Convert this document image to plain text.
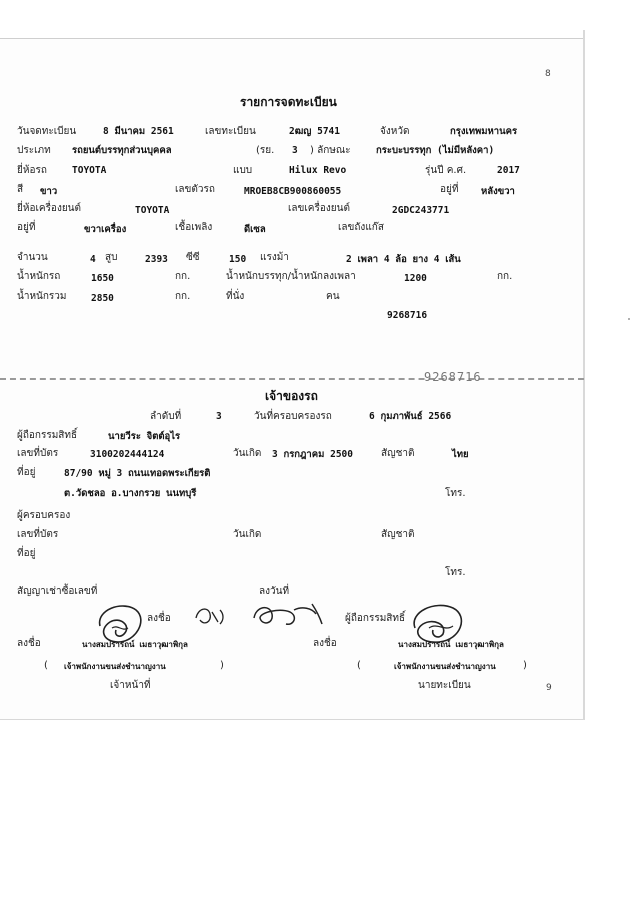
8
รายการจดทะเบียน
วันจดทะเบียน	8 มีนาคม 2561	เลขทะเบียน	2ฒญ 5741	จังหวัด	กรุงเทพมหานคร
ประเภท รถยนต์บรรทุกส่วนบุคคล	(รย. 3 ) ลักษณะ	กระบะบรรทุก (ไม่มีหลังคา)
ยี่ห้อรถ	TOYOTA	แบบ	Hilux Revo	รุ่นปี ค.ศ.	2017
สี ขาว	เลขตัวรถ	MROEB8CB900860055	อยู่ที่ หลังขวา
ยี่ห้อเครื่องยนต์	TOYOTA	เลขเครื่องยนต์	2GDC243771
อยู่ที่	ขวาเครื่อง	เชื้อเพลิง	ดีเซล	เลขถังแก๊ส
จำนวน	4 สูบ	2393 ซีซี	150 แรงม้า	2 เพลา 4 ล้อ ยาง 4 เส้น
น้ำหนักรถ	1650	กก.	น้ำหนักบรรทุก/น้ำหนักลงเพลา	1200	กก.
น้ำหนักรวม	2850	กก.	ที่นั่ง	คน
9268716
9268716
เจ้าของรถ
ลำดับที่	3	วันที่ครอบครองรถ	6 กุมภาพันธ์ 2566
ผู้ถือกรรมสิทธิ์	นายวีระ จิตต์อุไร
เลขที่บัตร	3100202444124	วันเกิด 3 กรกฎาคม 2500	สัญชาติ	ไทย
ที่อยู่	87/90 หมู่ 3 ถนนเทอดพระเกียรติ
ต.วัดชลอ อ.บางกรวย นนทบุรี	โทร.
ผู้ครอบครอง
เลขที่บัตร	วันเกิด	สัญชาติ
ที่อยู่
โทร.
สัญญาเช่าซื้อเลขที่	ลงวันที่
ลงชื่อ	ผู้ถือกรรมสิทธิ์
ลงชื่อ	ลงชื่อ
นางสมปรารถน์ เมธาวุฒาพิกุล	นางสมปรารถน์ เมธาวุฒาพิกุล
( เจ้าพนักงานขนส่งชำนาญงาน	)	(	เจ้าพนักงานขนส่งชำนาญงาน	)
เจ้าหน้าที่	นายทะเบียน	9
